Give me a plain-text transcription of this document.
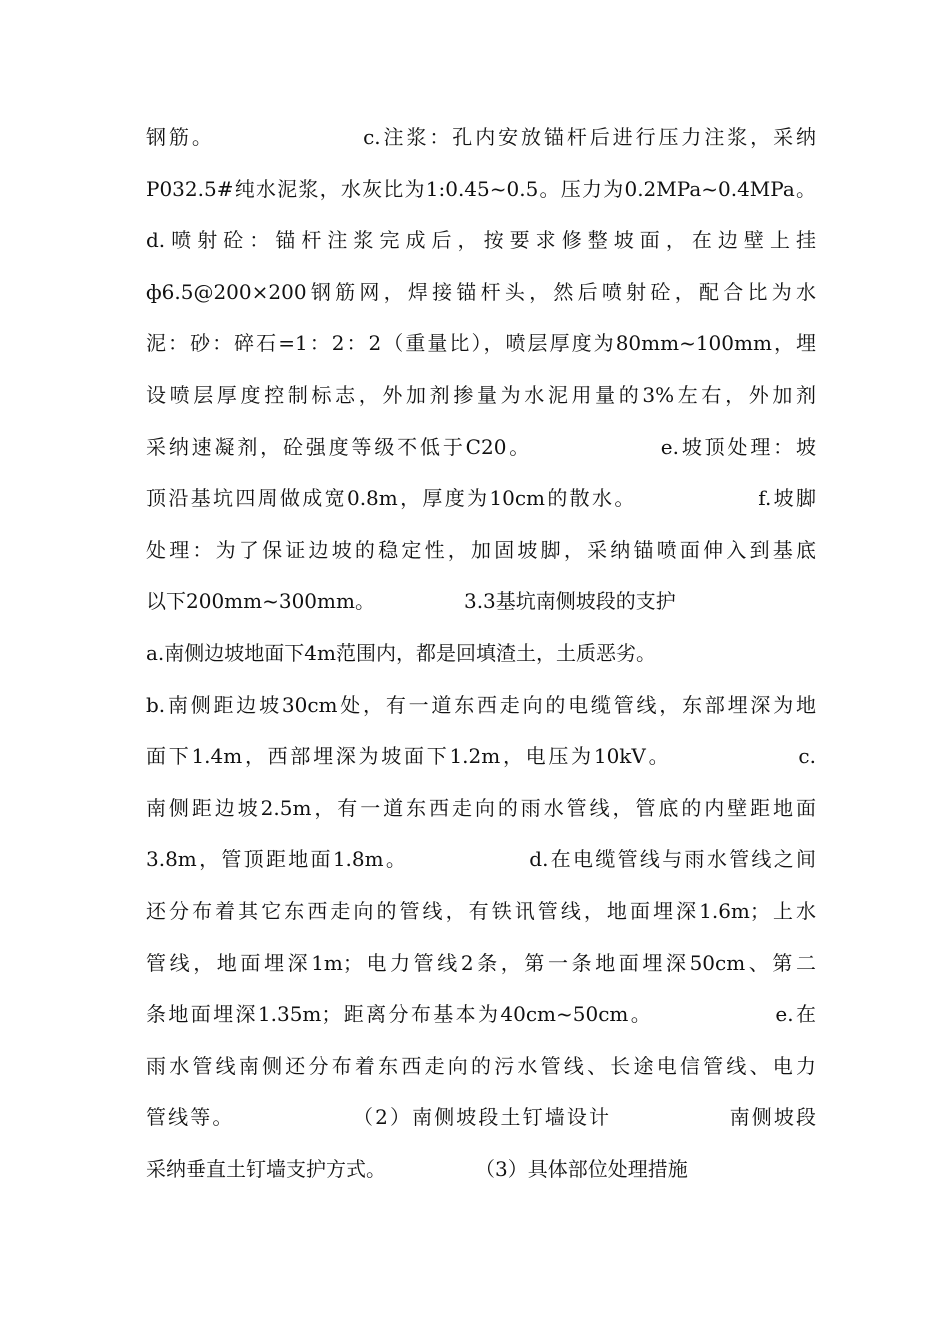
钢筋。                c.注浆：孔内安放锚杆后进行压力注浆，采纳
P032.5#纯水泥浆，水灰比为1:0.45~0.5。压力为0.2MPa~0.4MPa。
d.喷射砼：锚杆注浆完成后，按要求修整坡面，在边壁上挂
ф6.5@200×200钢筋网，焊接锚杆头，然后喷射砼，配合比为水
泥：砂：碎石=1：2：2（重量比），喷层厚度为80mm~100mm，埋
设喷层厚度控制标志，外加剂掺量为水泥用量的3%左右，外加剂
采纳速凝剂，砼强度等级不低于C20。              e.坡顶处理：坡
顶沿基坑四周做成宽0.8m，厚度为10cm的散水。              f.坡脚
处理：为了保证边坡的稳定性，加固坡脚，采纳锚喷面伸入到基底
以下200mm~300mm。              3.3基坑南侧坡段的支护
a.南侧边坡地面下4m范围内，都是回填渣土，土质恶劣。
b.南侧距边坡30cm处，有一道东西走向的电缆管线，东部埋深为地
面下1.4m，西部埋深为坡面下1.2m，电压为10kV。              c.
南侧距边坡2.5m，有一道东西走向的雨水管线，管底的内壁距地面
3.8m，管顶距地面1.8m。              d.在电缆管线与雨水管线之间
还分布着其它东西走向的管线，有铁讯管线，地面埋深1.6m；上水
管线，地面埋深1m；电力管线2条，第一条地面埋深50cm、第二
条地面埋深1.35m；距离分布基本为40cm~50cm。              e.在
雨水管线南侧还分布着东西走向的污水管线、长途电信管线、电力
管线等。              （2）南侧坡段土钉墙设计              南侧坡段
采纳垂直土钉墙支护方式。              （3）具体部位处理措施
